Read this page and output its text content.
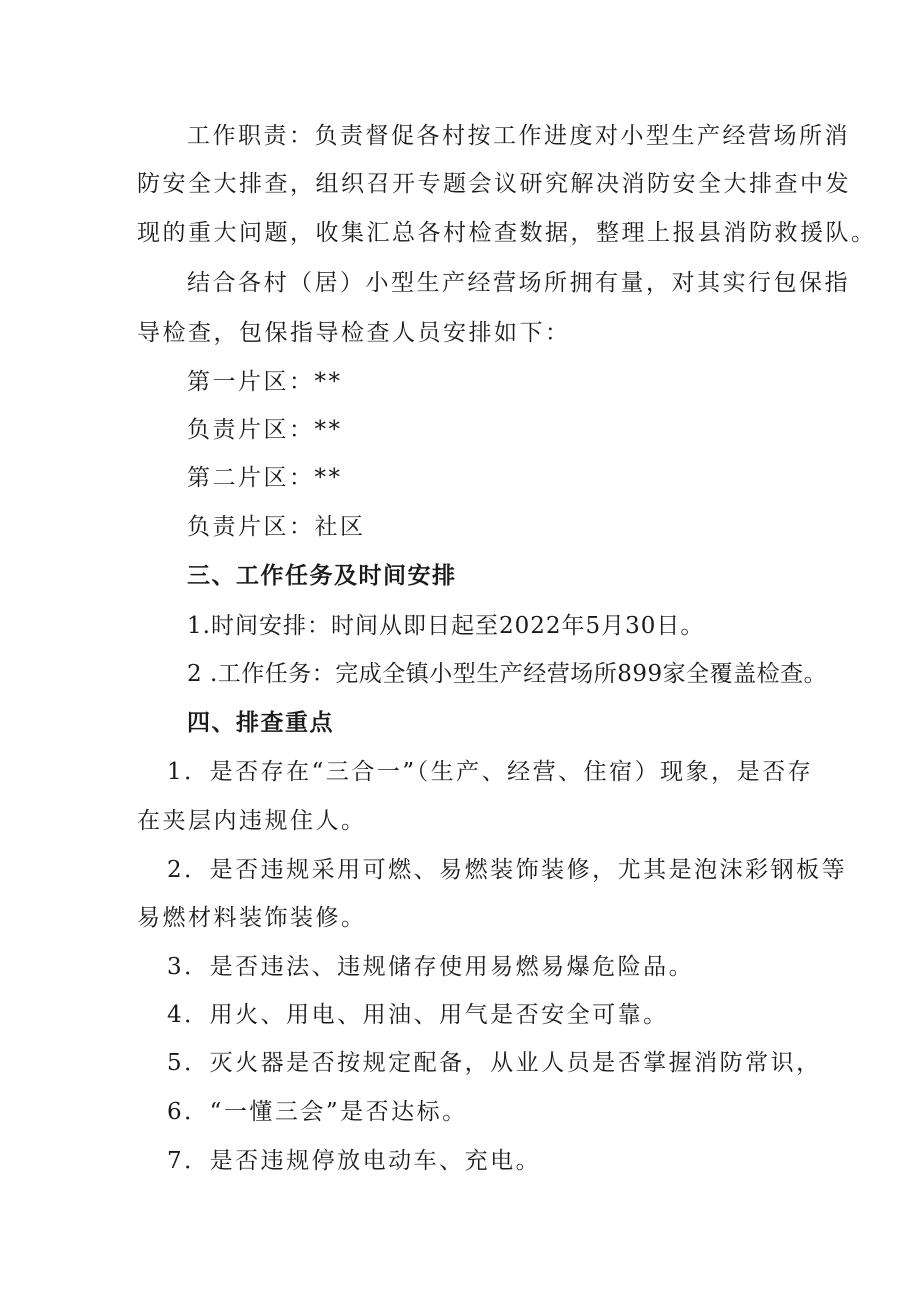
工作职责：负责督促各村按工作进度对小型生产经营场所消
防安全大排查，组织召开专题会议研究解决消防安全大排查中发
现的重大问题，收集汇总各村检查数据，整理上报县消防救援队。
结合各村（居）小型生产经营场所拥有量，对其实行包保指
导检查，包保指导检查人员安排如下：
第一片区：**
负责片区：**
第二片区：**
负责片区：社区
三、工作任务及时间安排
1.时间安排：时间从即日起至2022年5月30日。
2 .工作任务：完成全镇小型生产经营场所899家全覆盖检查。
四、排查重点
1．是否存在“三合一”（生产、经营、住宿）现象，是否存
在夹层内违规住人。
2．是否违规采用可燃、易燃装饰装修，尤其是泡沫彩钢板等
易燃材料装饰装修。
3．是否违法、违规储存使用易燃易爆危险品。
4．用火、用电、用油、用气是否安全可靠。
5．灭火器是否按规定配备，从业人员是否掌握消防常识，
6．“一懂三会”是否达标。
7．是否违规停放电动车、充电。
